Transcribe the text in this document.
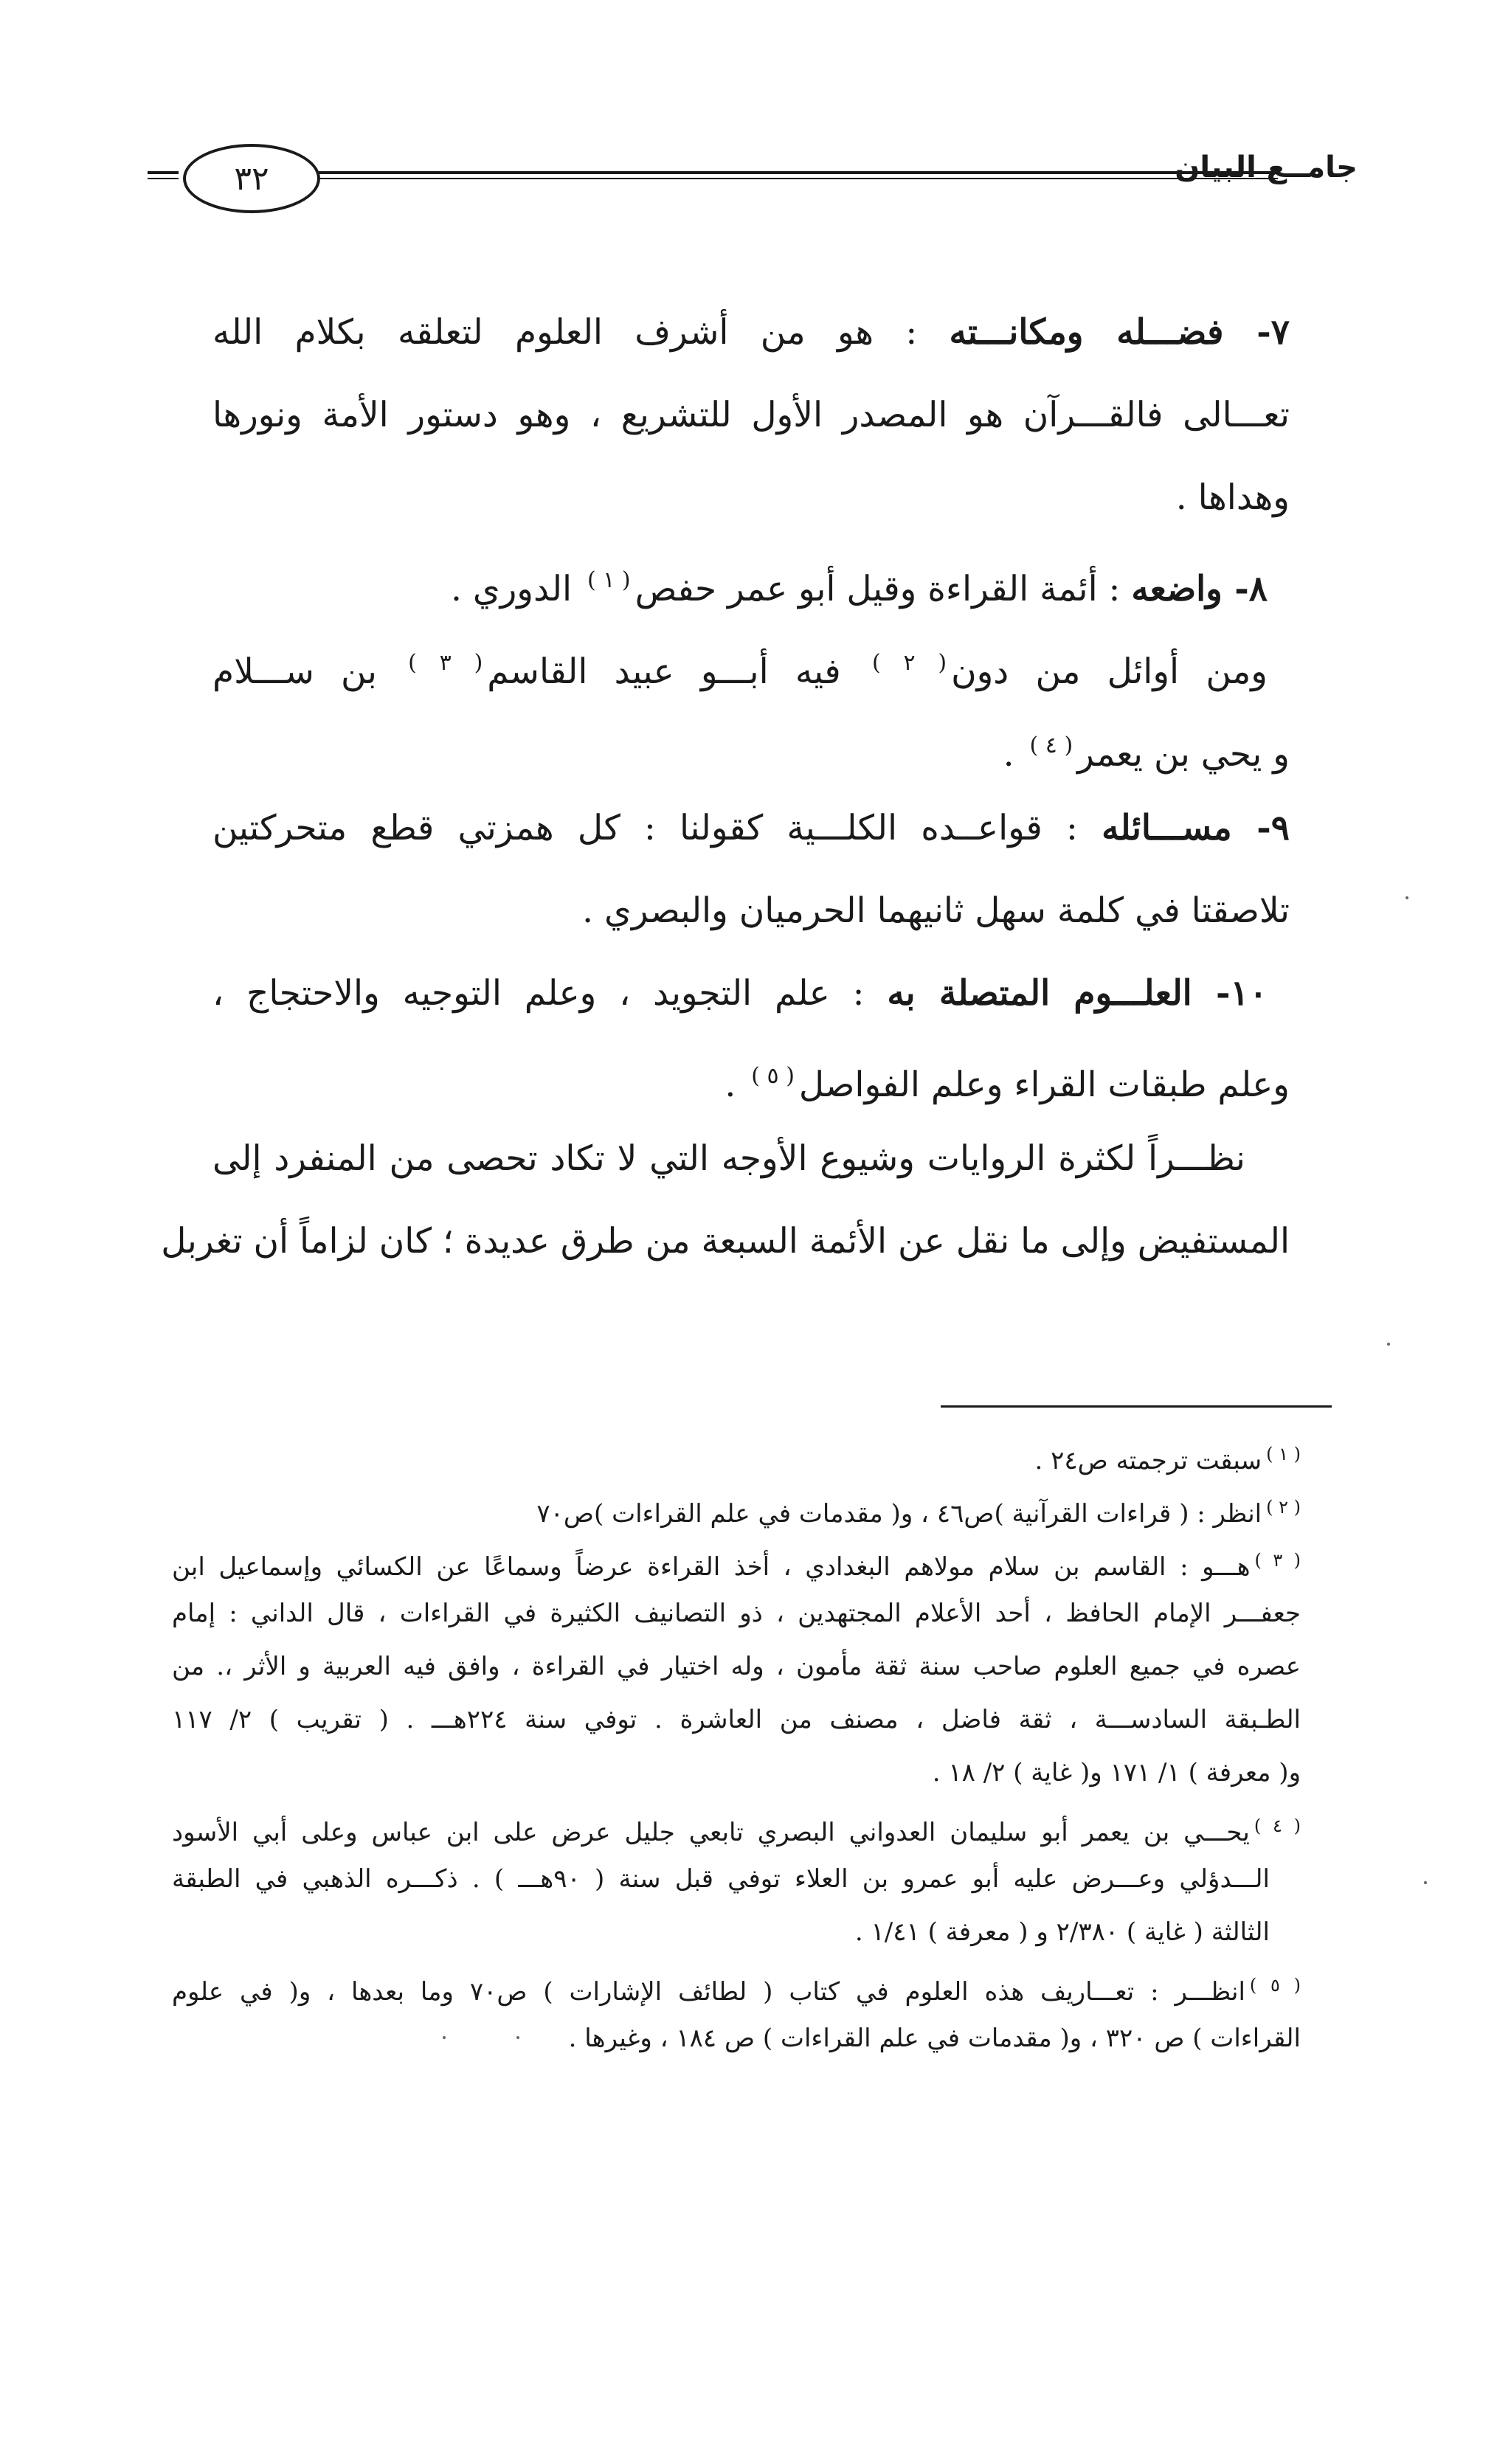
٣٢	جامــع البيان
٧- فضـــله ومكانـــته : هو من أشرف العلوم لتعلقه بكلام الله
تعـــالى فالقـــرآن هو المصدر الأول للتشريع ، وهو دستور الأمة ونورها
وهداها .
٨- واضعه : أئمة القراءة وقيل أبو عمر حفص$^{( ١ )}$ الدوري .
ومن أوائل من دون$^{( ٢ )}$ فيه أبـــو عبيد القاسم$^{( ٣ )}$ بن ســـلام
و يحي بن يعمر$^{( ٤ )}$ .
٩- مســـائله : قواعــده الكلـــية كقولنا : كل همزتي قطع متحركتين
تلاصقتا في كلمة سهل ثانيهما الحرميان والبصري .
١٠- العلـــوم المتصلة به : علم التجويد ، وعلم التوجيه والاحتجاج ،
وعلم طبقات القراء وعلم الفواصل$^{( ٥ )}$ .
نظـــراً لكثرة الروايات وشيوع الأوجه التي لا تكاد تحصى من المنفرد إلى
المستفيض وإلى ما نقل عن الأئمة السبعة من طرق عديدة ؛ كان لزاماً أن تغربل
$^{( ١ )}$سبقت ترجمته ص٢٤ .
$^{( ٢ )}$انظر : ( قراءات القرآنية )ص٤٦ ، و( مقدمات في علم القراءات )ص٧٠
$^{( ٣ )}$هـــو : القاسم بن سلام مولاهم البغدادي ، أخذ القراءة عرضاً وسماعًا عن الكسائي وإسماعيل ابن
جعفـــر الإمام الحافظ ، أحد الأعلام المجتهدين ، ذو التصانيف الكثيرة في القراءات ، قال الداني : إمام
عصره في جميع العلوم صاحب سنة ثقة مأمون ، وله اختيار في القراءة ، وافق فيه العربية و الأثر ،. من
الطـبقة السادســـة ، ثقة فاضل ، مصنف من العاشرة . توفي سنة ٢٢٤هـــ . ( تقريب ) ٢/ ١١٧
و( معرفة ) ١/ ١٧١ و( غاية ) ٢/ ١٨ .
$^{( ٤ )}$يحـــي بن يعمر أبو سليمان العدواني البصري تابعي جليل عرض على ابن عباس وعلى أبي الأسود
الـــدؤلي وعـــرض عليه أبو عمرو بن العلاء توفي قبل سنة ( ٩٠هـــ ) . ذكـــره الذهبي في الطبقة
الثالثة ( غاية ) ٢/٣٨٠ و ( معرفة ) ١/٤١ .
$^{( ٥ )}$انظـــر : تعـــاريف هذه العلوم في كتاب ( لطائف الإشارات ) ص٧٠ وما بعدها ، و( في علوم
القراءات ) ص ٣٢٠ ، و( مقدمات في علم القراءات ) ص ١٨٤ ، وغيرها .
